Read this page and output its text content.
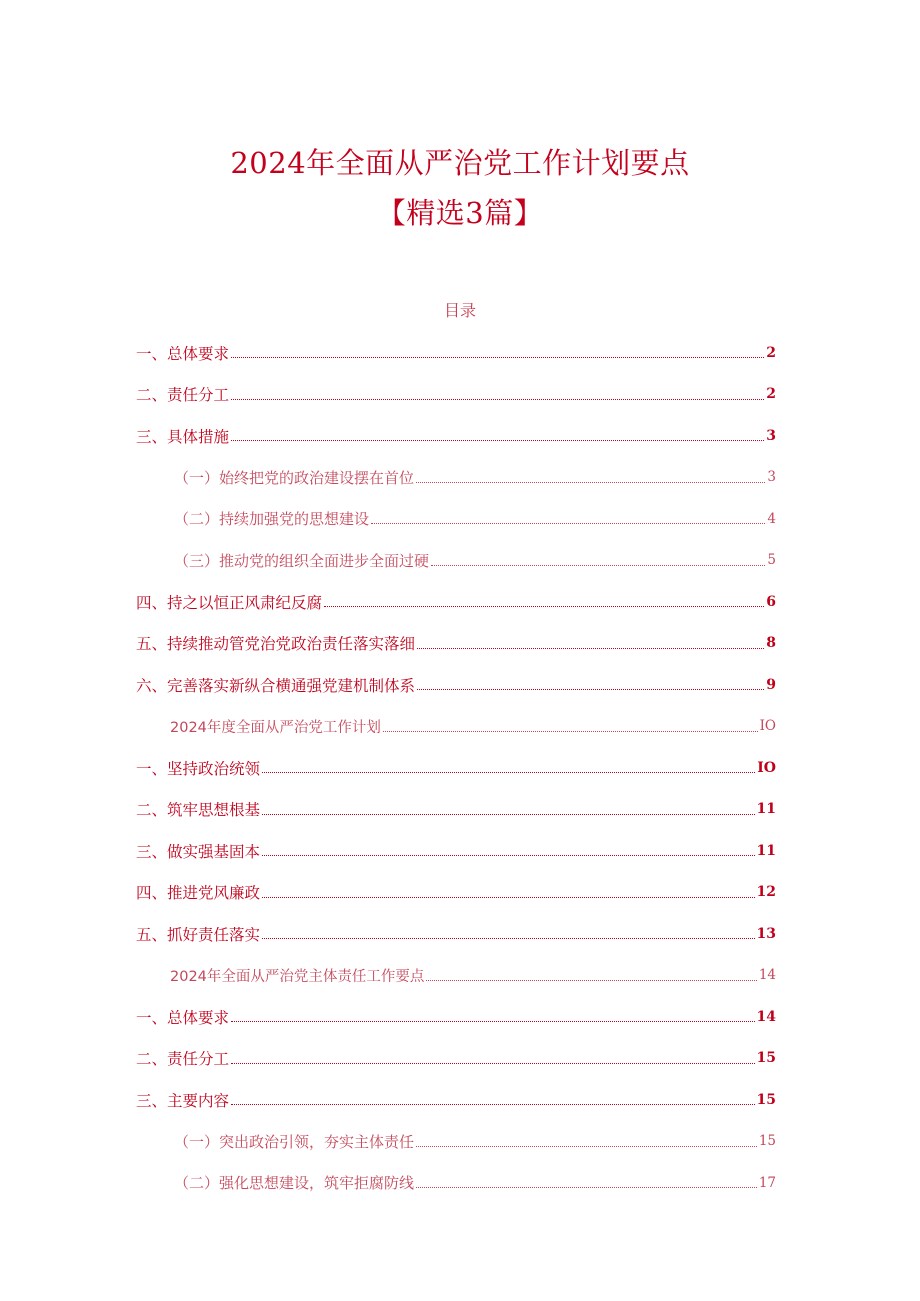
2024年全面从严治党工作计划要点
【精选3篇】
目录
一、总体要求	2
二、责任分工	2
三、具体措施	3
（一）始终把党的政治建设摆在首位	3
（二）持续加强党的思想建设	4
（三）推动党的组织全面进步全面过硬	5
四、持之以恒正风肃纪反腐	6
五、持续推动管党治党政治责任落实落细	8
六、完善落实新纵合横通强党建机制体系	9
2024年度全面从严治党工作计划	IO
一、坚持政治统领	IO
二、筑牢思想根基	11
三、做实强基固本	11
四、推进党风廉政	12
五、抓好责任落实	13
2024年全面从严治党主体责任工作要点	14
一、总体要求	14
二、责任分工	15
三、主要内容	15
（一）突出政治引领，夯实主体责任	15
（二）强化思想建设，筑牢拒腐防线	17
